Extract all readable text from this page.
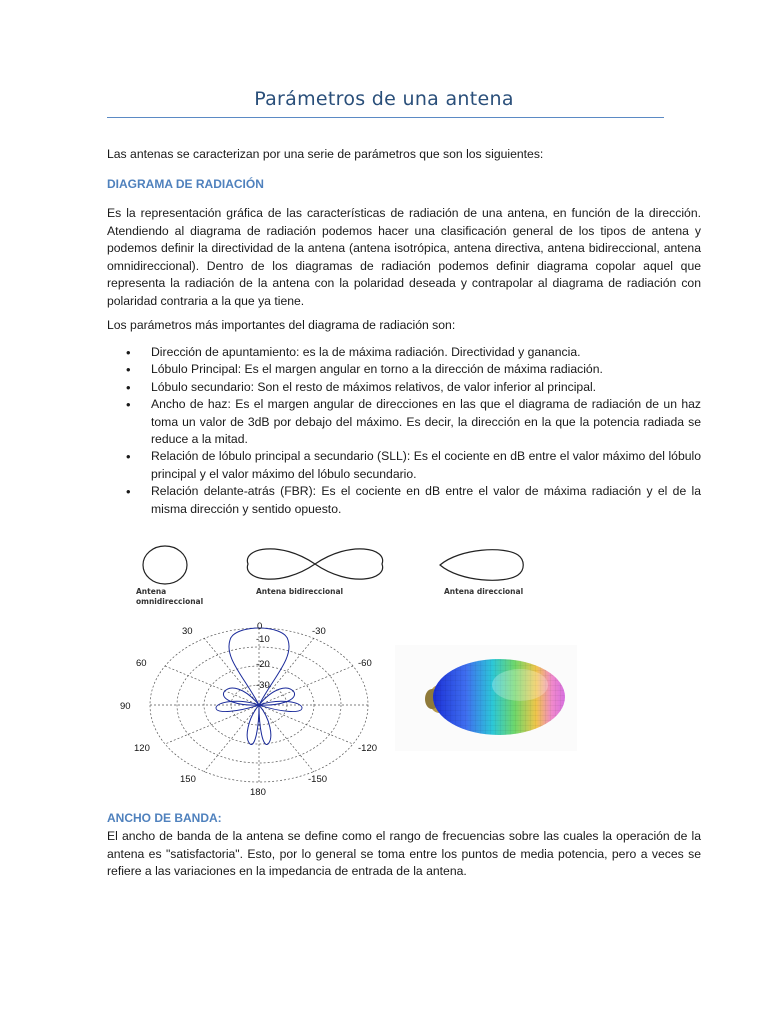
Parámetros de una antena
Las antenas se caracterizan por una serie de parámetros que son los siguientes:
DIAGRAMA DE RADIACIÓN
Es la representación gráfica de las características de radiación de una antena, en función de la dirección. Atendiendo al diagrama de radiación podemos hacer una clasificación general de los tipos de antena y podemos definir la directividad de la antena (antena isotrópica, antena directiva, antena bidireccional, antena omnidireccional). Dentro de los diagramas de radiación podemos definir diagrama copolar aquel que representa la radiación de la antena con la polaridad deseada y contrapolar al diagrama de radiación con polaridad contraria a la que ya tiene.
Los parámetros más importantes del diagrama de radiación son:
• Dirección de apuntamiento: es la de máxima radiación. Directividad y ganancia.
• Lóbulo Principal: Es el margen angular en torno a la dirección de máxima radiación.
• Lóbulo secundario: Son el resto de máximos relativos, de valor inferior al principal.
• Ancho de haz: Es el margen angular de direcciones en las que el diagrama de radiación de un haz toma un valor de 3dB por debajo del máximo. Es decir, la dirección en la que la potencia radiada se reduce a la mitad.
• Relación de lóbulo principal a secundario (SLL): Es el cociente en dB entre el valor máximo del lóbulo principal y el valor máximo del lóbulo secundario.
• Relación delante-atrás (FBR): Es el cociente en dB entre el valor de máxima radiación y el de la misma dirección y sentido opuesto.
Antena
omnidireccional
Antena bidireccional	Antena direccional
0
-10
-20
-30
30	-30
60	-60
90
120	-120
150	-150
180
ANCHO DE BANDA:
El ancho de banda de la antena se define como el rango de frecuencias sobre las cuales la operación de la antena es "satisfactoria". Esto, por lo general se toma entre los puntos de media potencia, pero a veces se refiere a las variaciones en la impedancia de entrada de la antena.
